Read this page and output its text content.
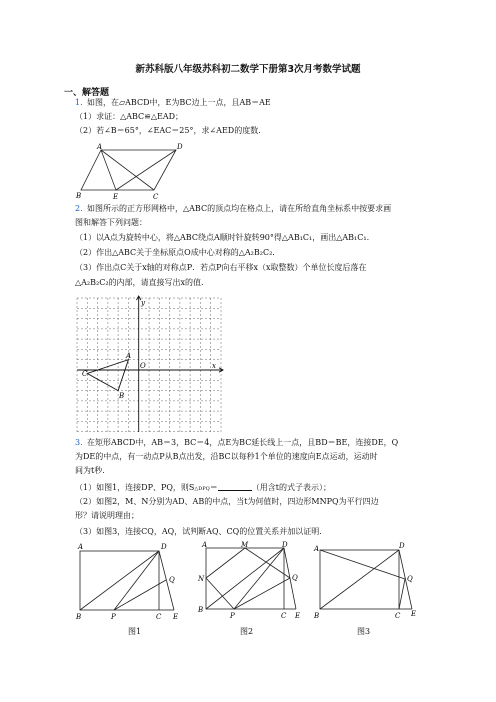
新苏科版八年级苏科初二数学下册第3次月考数学试题
一、解答题
1. 如图，在▱ABCD中，E为BC边上一点，且AB＝AE
（1）求证：△ABC≌△EAD；
（2）若∠B＝65°，∠EAC＝25°，求∠AED的度数.
A	D
B	E	C
2. 如图所示的正方形网格中，△ABC的顶点均在格点上，请在所给直角坐标系中按要求画
图和解答下列问题：
（1）以A点为旋转中心，将△ABC绕点A顺时针旋转90°得△AB₁C₁，画出△AB₁C₁.
（2）作出△ABC关于坐标原点O成中心对称的△A₂B₂C₂.
（3）作出点C关于x轴的对称点P．若点P向右平移x（x取整数）个单位长度后落在
△A₂B₂C₂的内部，请直接写出x的值.
y
x
O
A
C
B
3. 在矩形ABCD中，AB＝3，BC＝4，点E为BC延长线上一点，且BD＝BE，连接DE，Q
为DE的中点，有一动点P从B点出发，沿BC以每秒1个单位的速度向E点运动，运动时
间为t秒.
（1）如图1，连接DP、PQ，则S△DPQ＝	（用含t的式子表示）；
（2）如图2，M、N分别为AD、AB的中点，当t为何值时，四边形MNPQ为平行四边
形？请说明理由；
（3）如图3，连接CQ，AQ，试判断AQ、CQ的位置关系并加以证明.
A	D
Q
B	P	C E
A	M	D
N	Q
B
P	C E
A	D
Q
B	C E
图1	图2	图3
